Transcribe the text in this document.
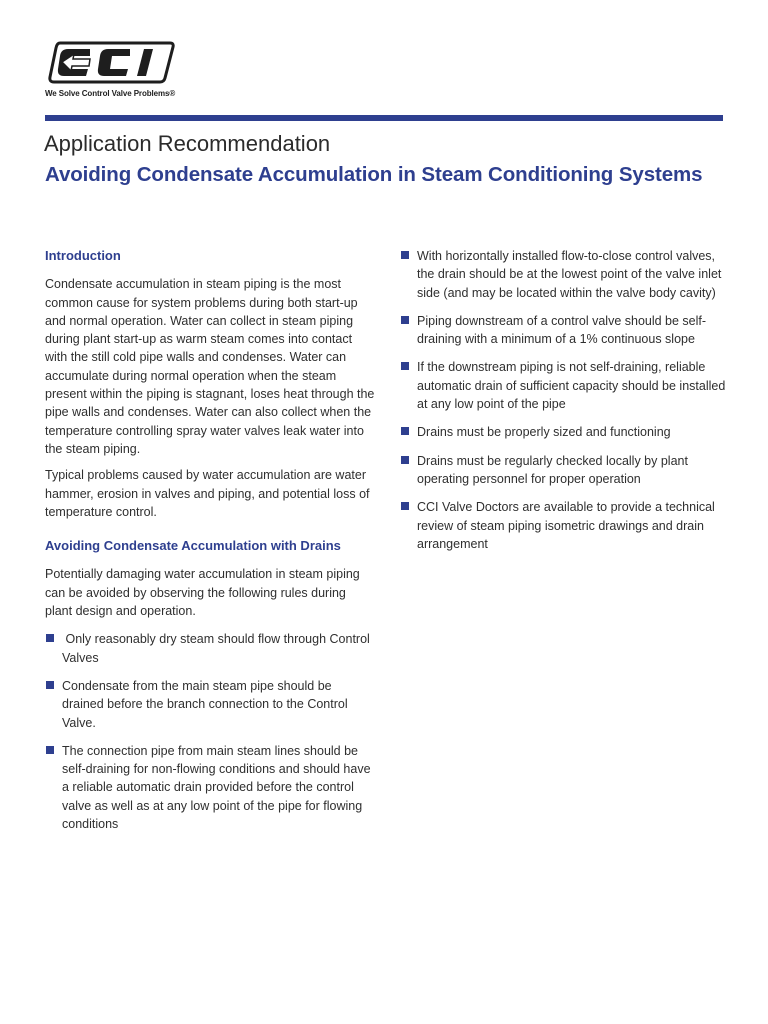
We Solve Control Valve Problems®
Application Recommendation
Avoiding Condensate Accumulation in Steam Conditioning Systems
Introduction

Condensate accumulation in steam piping is the most common cause for system problems during both start-up and normal operation. Water can collect in steam piping during plant start-up as warm steam comes into contact with the still cold pipe walls and condenses. Water can accumulate during normal operation when the steam present within the piping is stagnant, loses heat through the pipe walls and condenses. Water can also collect when the temperature controlling spray water valves leak water into the steam piping.

Typical problems caused by water accumulation are water hammer, erosion in valves and piping, and potential loss of temperature control.

Avoiding Condensate Accumulation with Drains

Potentially damaging water accumulation in steam piping can be avoided by observing the following rules during plant design and operation.

Only reasonably dry steam should flow through Control Valves
Condensate from the main steam pipe should be drained before the branch connection to the Control Valve.
The connection pipe from main steam lines should be self-draining for non-flowing conditions and should have a reliable automatic drain provided before the control valve as well as at any low point of the pipe for flowing conditions
With horizontally installed flow-to-close control valves, the drain should be at the lowest point of the valve inlet side (and may be located within the valve body cavity)
Piping downstream of a control valve should be self-draining with a minimum of a 1% continuous slope
If the downstream piping is not self-draining, reliable automatic drain of sufficient capacity should be installed at any low point of the pipe
Drains must be properly sized and functioning
Drains must be regularly checked locally by plant operating personnel for proper operation
CCI Valve Doctors are available to provide a technical review of steam piping isometric drawings and drain arrangement
